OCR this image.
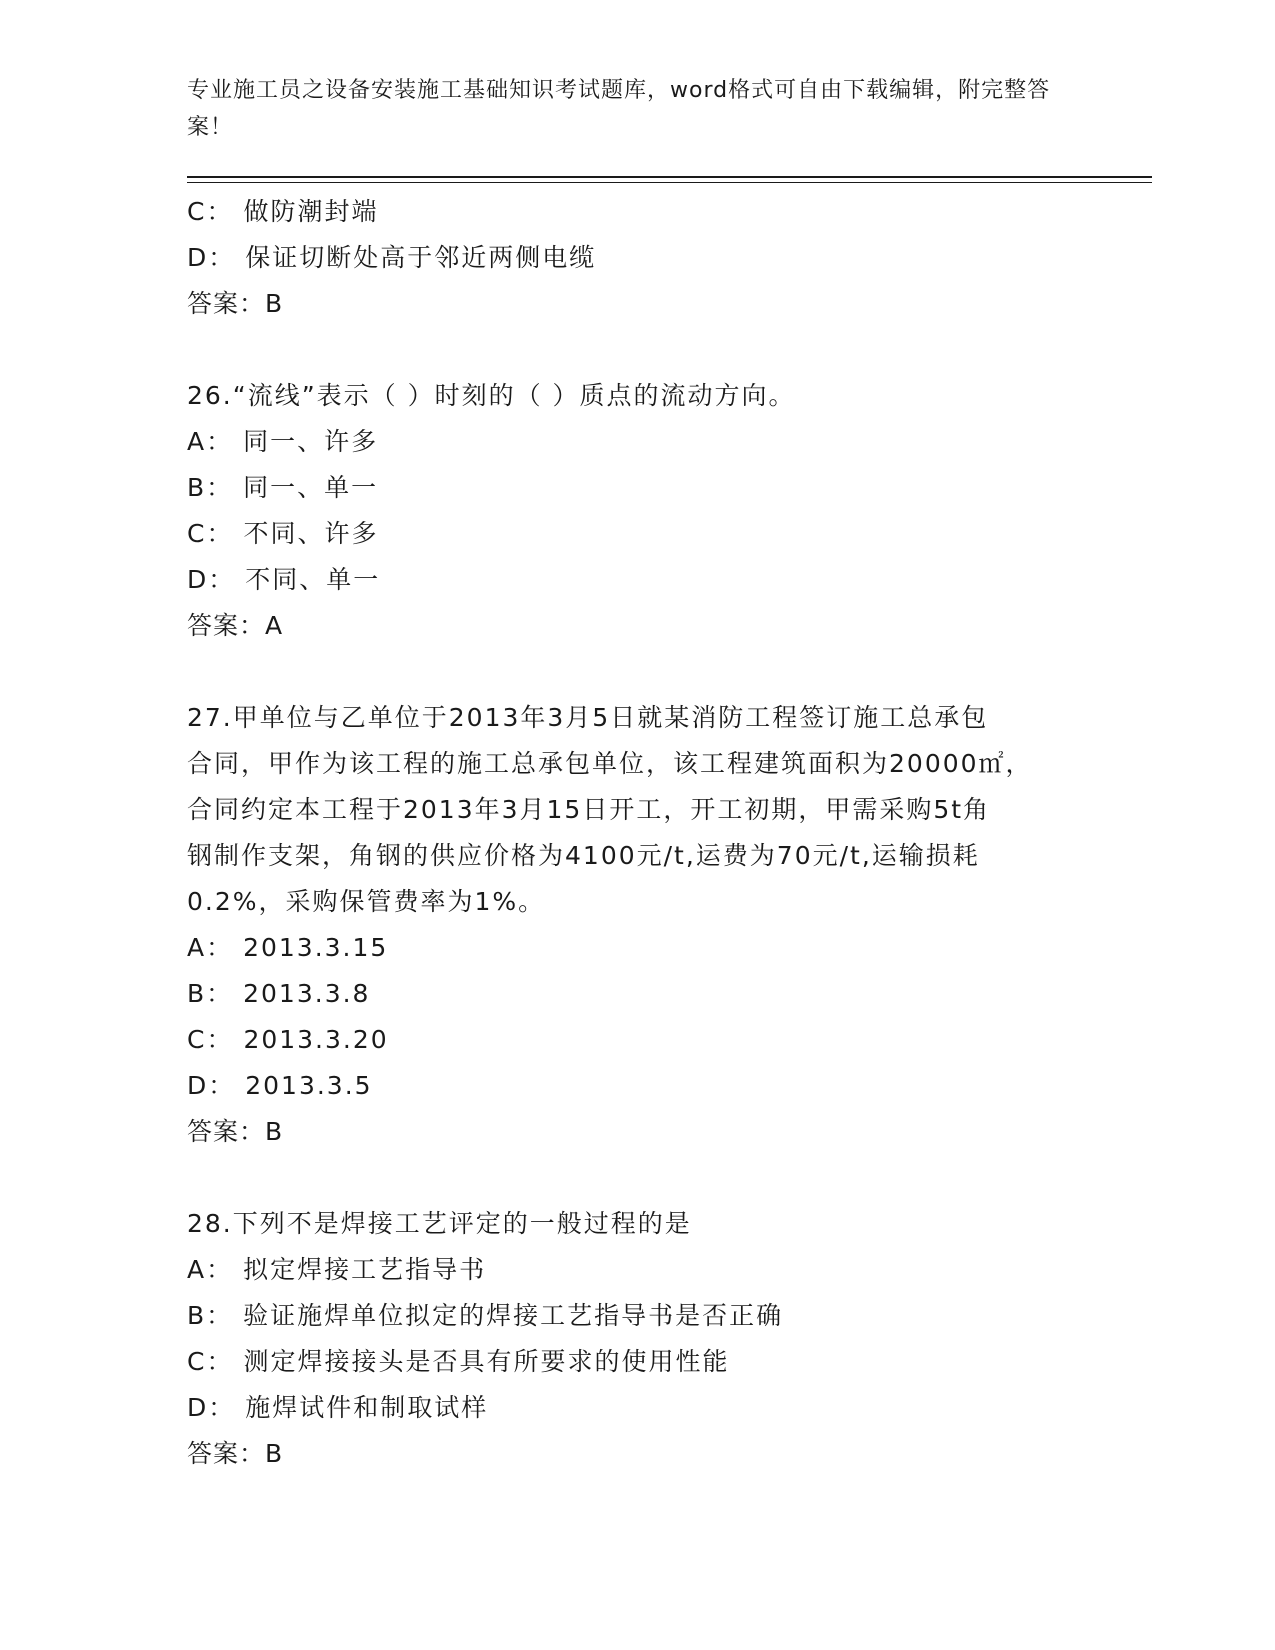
专业施工员之设备安装施工基础知识考试题库，word格式可自由下载编辑，附完整答案！
C： 做防潮封端
D： 保证切断处高于邻近两侧电缆
答案：B
26.“流线”表示（ ）时刻的（ ）质点的流动方向。
A： 同一、许多
B： 同一、单一
C： 不同、许多
D： 不同、单一
答案：A
27.甲单位与乙单位于2013年3月5日就某消防工程签订施工总承包
合同，甲作为该工程的施工总承包单位，该工程建筑面积为20000㎡，
合同约定本工程于2013年3月15日开工，开工初期，甲需采购5t角
钢制作支架，角钢的供应价格为4100元/t,运费为70元/t,运输损耗
0.2%，采购保管费率为1%。
A： 2013.3.15
B： 2013.3.8
C： 2013.3.20
D： 2013.3.5
答案：B
28.下列不是焊接工艺评定的一般过程的是
A： 拟定焊接工艺指导书
B： 验证施焊单位拟定的焊接工艺指导书是否正确
C： 测定焊接接头是否具有所要求的使用性能
D： 施焊试件和制取试样
答案：B
